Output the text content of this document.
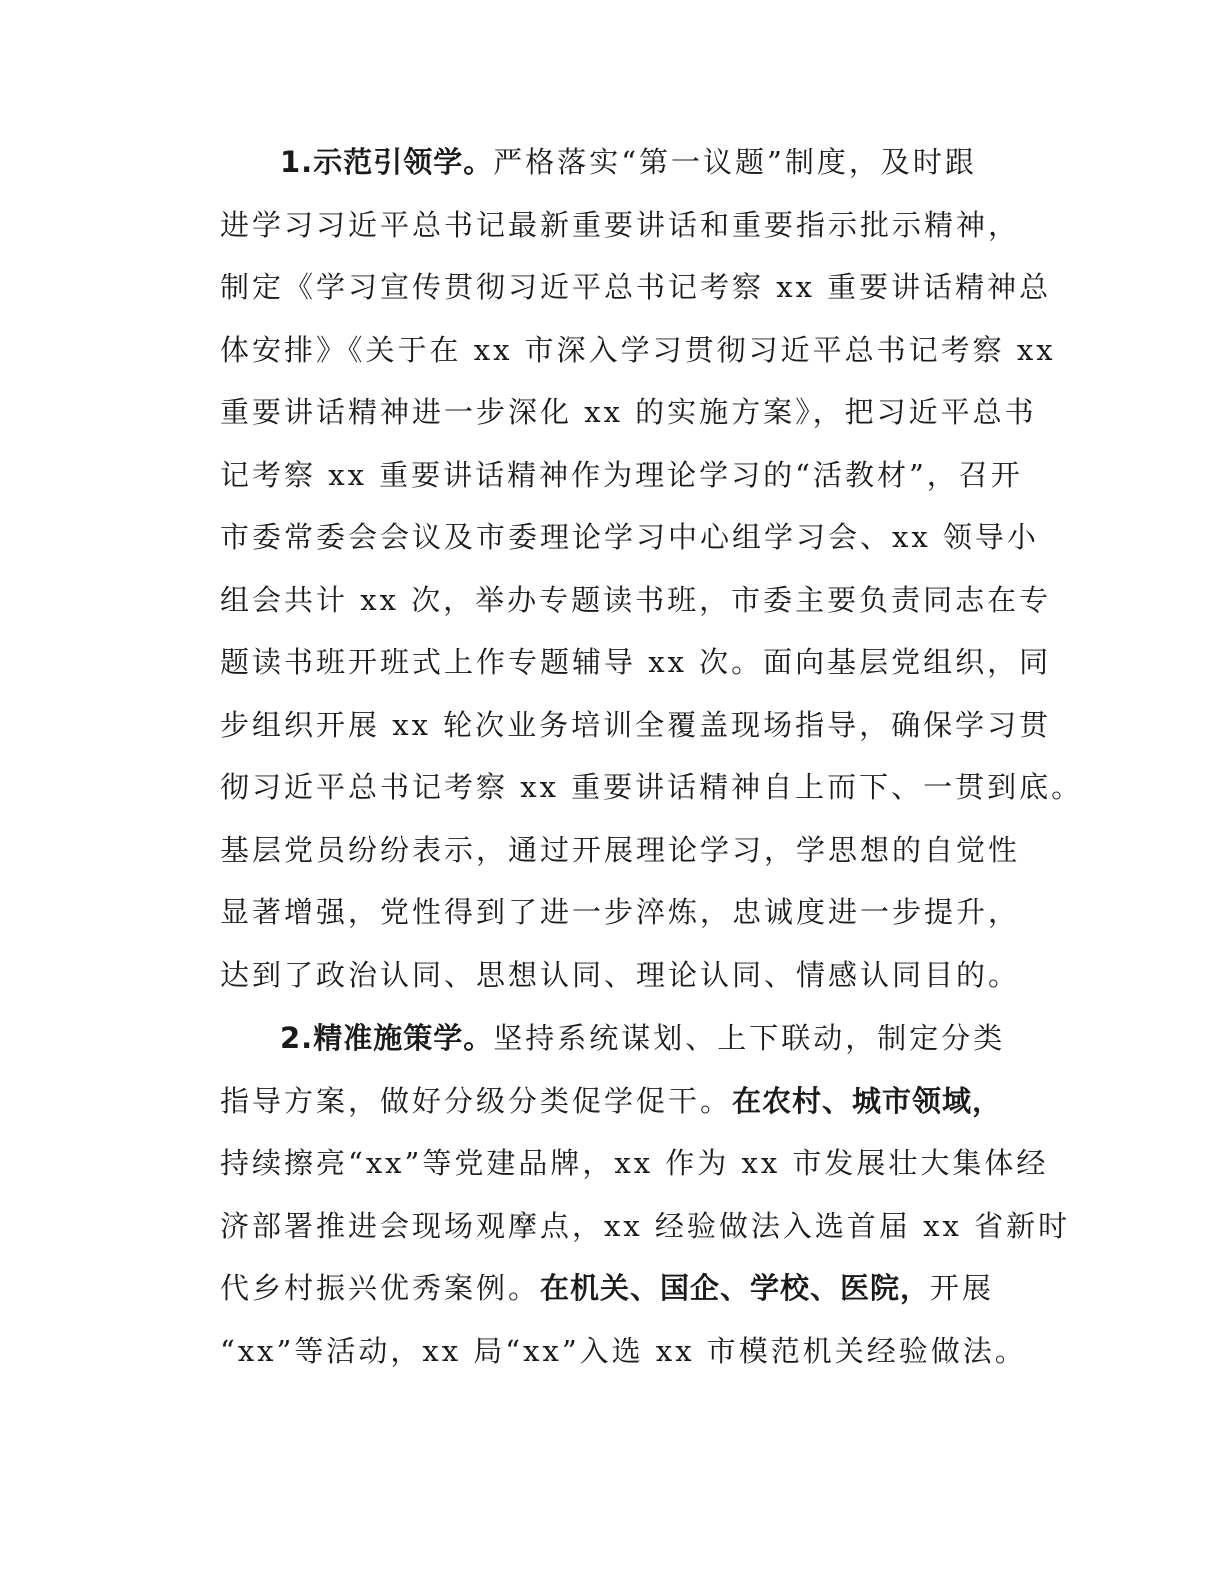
1.示范引领学。严格落实“第一议题”制度，及时跟
进学习习近平总书记最新重要讲话和重要指示批示精神，
制定《学习宣传贯彻习近平总书记考察 xx 重要讲话精神总
体安排》《关于在 xx 市深入学习贯彻习近平总书记考察 xx
重要讲话精神进一步深化 xx 的实施方案》，把习近平总书
记考察 xx 重要讲话精神作为理论学习的“活教材”，召开
市委常委会会议及市委理论学习中心组学习会、xx 领导小
组会共计 xx 次，举办专题读书班，市委主要负责同志在专
题读书班开班式上作专题辅导 xx 次。面向基层党组织，同
步组织开展 xx 轮次业务培训全覆盖现场指导，确保学习贯
彻习近平总书记考察 xx 重要讲话精神自上而下、一贯到底。
基层党员纷纷表示，通过开展理论学习，学思想的自觉性
显著增强，党性得到了进一步淬炼，忠诚度进一步提升，
达到了政治认同、思想认同、理论认同、情感认同目的。
2.精准施策学。坚持系统谋划、上下联动，制定分类
指导方案，做好分级分类促学促干。在农村、城市领域，
持续擦亮“xx”等党建品牌，xx 作为 xx 市发展壮大集体经
济部署推进会现场观摩点，xx 经验做法入选首届 xx 省新时
代乡村振兴优秀案例。在机关、国企、学校、医院，开展
“xx”等活动，xx 局“xx”入选 xx 市模范机关经验做法。
